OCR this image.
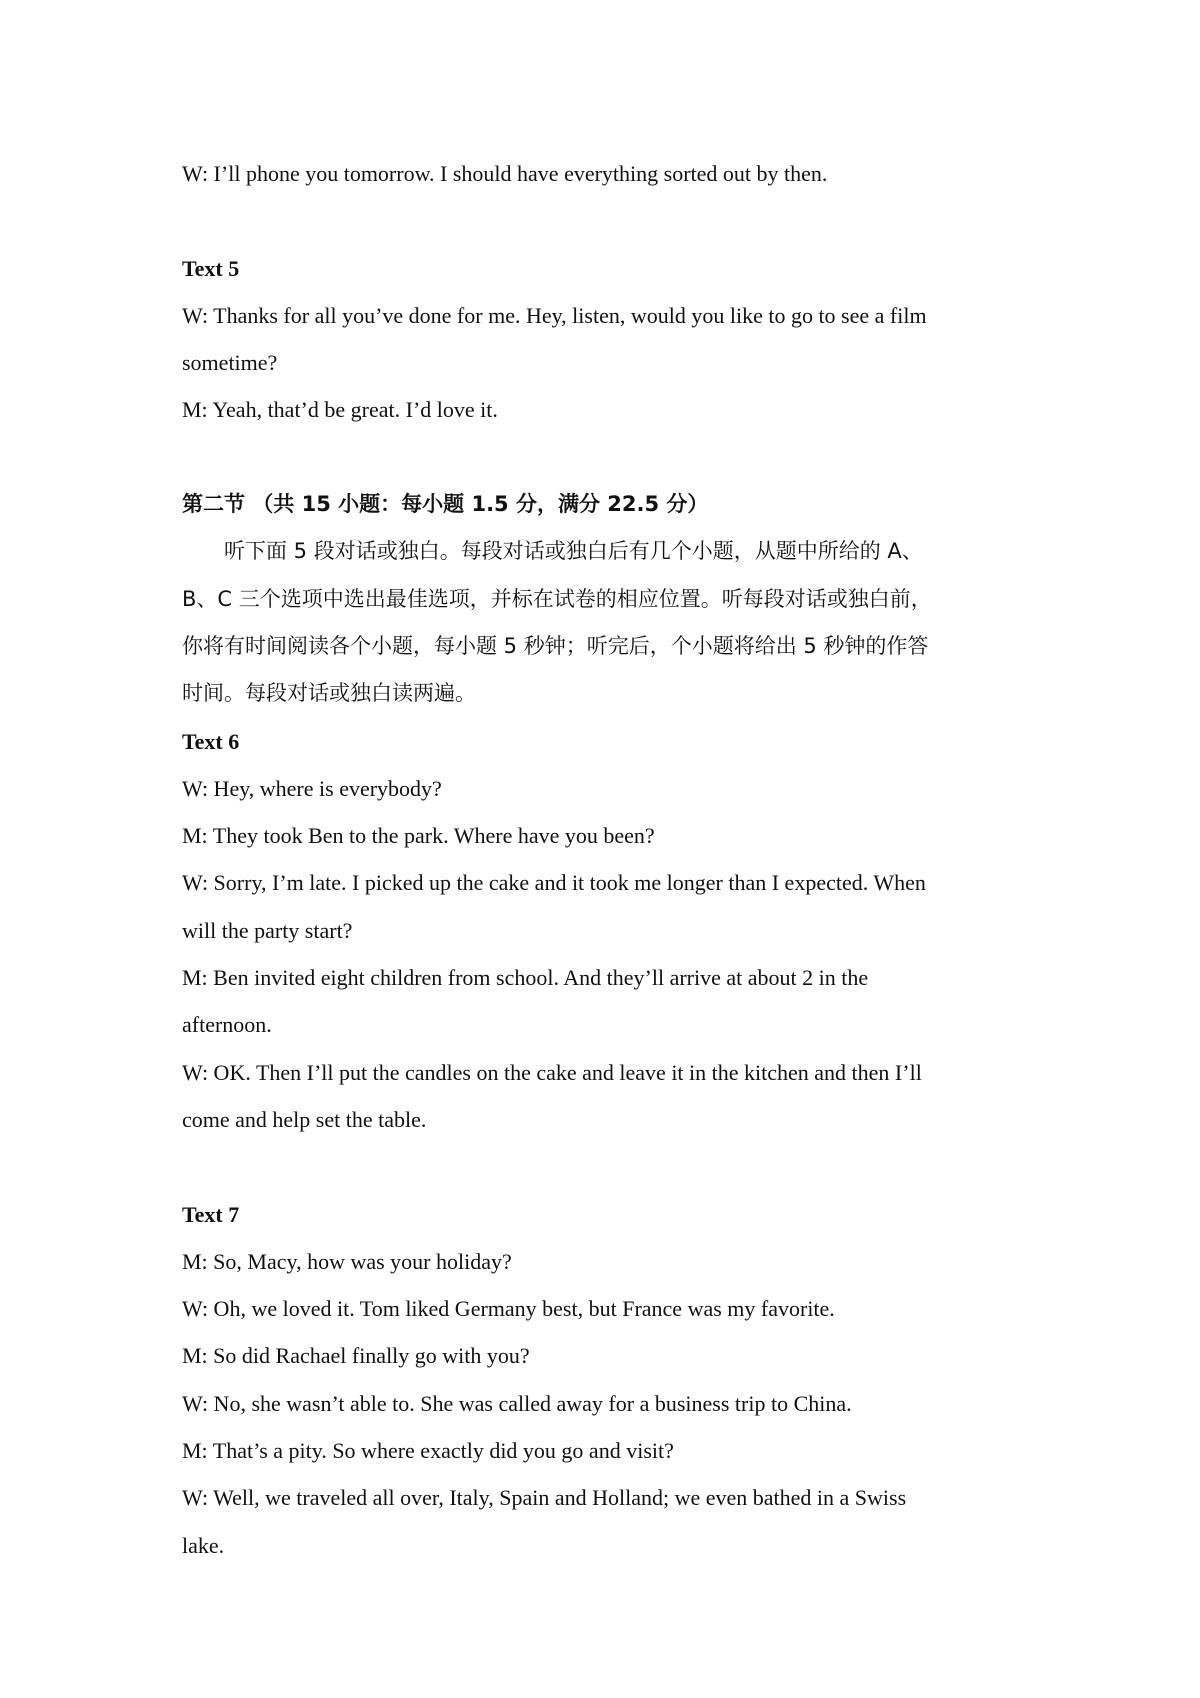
W: I’ll phone you tomorrow. I should have everything sorted out by then.
Text 5
W: Thanks for all you’ve done for me. Hey, listen, would you like to go to see a film
sometime?
M: Yeah, that’d be great. I’d love it.
第二节 （共 15 小题：每小题 1.5 分，满分 22.5 分）
听下面 5 段对话或独白。每段对话或独白后有几个小题，从题中所给的 A、
B、C 三个选项中选出最佳选项，并标在试卷的相应位置。听每段对话或独白前，
你将有时间阅读各个小题，每小题 5 秒钟；听完后，个小题将给出 5 秒钟的作答
时间。每段对话或独白读两遍。
Text 6
W: Hey, where is everybody?
M: They took Ben to the park. Where have you been?
W: Sorry, I’m late. I picked up the cake and it took me longer than I expected. When
will the party start?
M: Ben invited eight children from school. And they’ll arrive at about 2 in the
afternoon.
W: OK. Then I’ll put the candles on the cake and leave it in the kitchen and then I’ll
come and help set the table.
Text 7
M: So, Macy, how was your holiday?
W: Oh, we loved it. Tom liked Germany best, but France was my favorite.
M: So did Rachael finally go with you?
W: No, she wasn’t able to. She was called away for a business trip to China.
M: That’s a pity. So where exactly did you go and visit?
W: Well, we traveled all over, Italy, Spain and Holland; we even bathed in a Swiss
lake.
